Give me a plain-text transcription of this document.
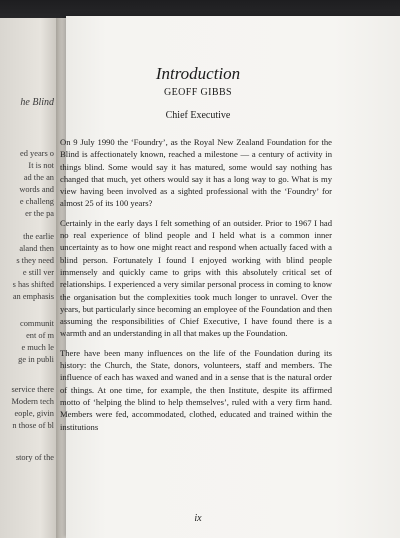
he Blind
ed years o
It is not
ad the an
words and
e challeng
er the pa
the earlie
aland then
s they need
e still ver
s has shifted
an emphasis
communit
ent of m
e much le
ge in publi
service there
Modern tech
eople, givin
n those of bl
story of the
Introduction
GEOFF GIBBS
Chief Executive

On 9 July 1990 the ‘Foundry’, as the Royal New Zealand Foundation for the Blind is affectionately known, reached a milestone — a century of activity in things blind. Some would say it has matured, some would say nothing has changed that much, yet others would say it has a long way to go. What is my view having been involved as a sighted professional with the ‘Foundry’ for almost 25 of its 100 years?

Certainly in the early days I felt something of an outsider. Prior to 1967 I had no real experience of blind people and I held what is a common inner uncertainty as to how one might react and respond when actually faced with a blind person. Fortunately I found I enjoyed working with blind people immensely and quickly came to grips with this absolutely critical set of relationships. I experienced a very similar personal process in coming to know the organisation but the complexities took much longer to unravel. Over the years, but particularly since becoming an employee of the Foundation and then assuming the responsibilities of Chief Executive, I have found there is a warmth and an understanding in all that makes up the Foundation.

There have been many influences on the life of the Foundation during its history: the Church, the State, donors, volunteers, staff and members. The influence of each has waxed and waned and in a sense that is the natural order of things. At one time, for example, the then Institute, despite its affirmed motto of ‘helping the blind to help themselves’, ruled with a very firm hand. Members were fed, accommodated, clothed, educated and trained within the institutions

ix
